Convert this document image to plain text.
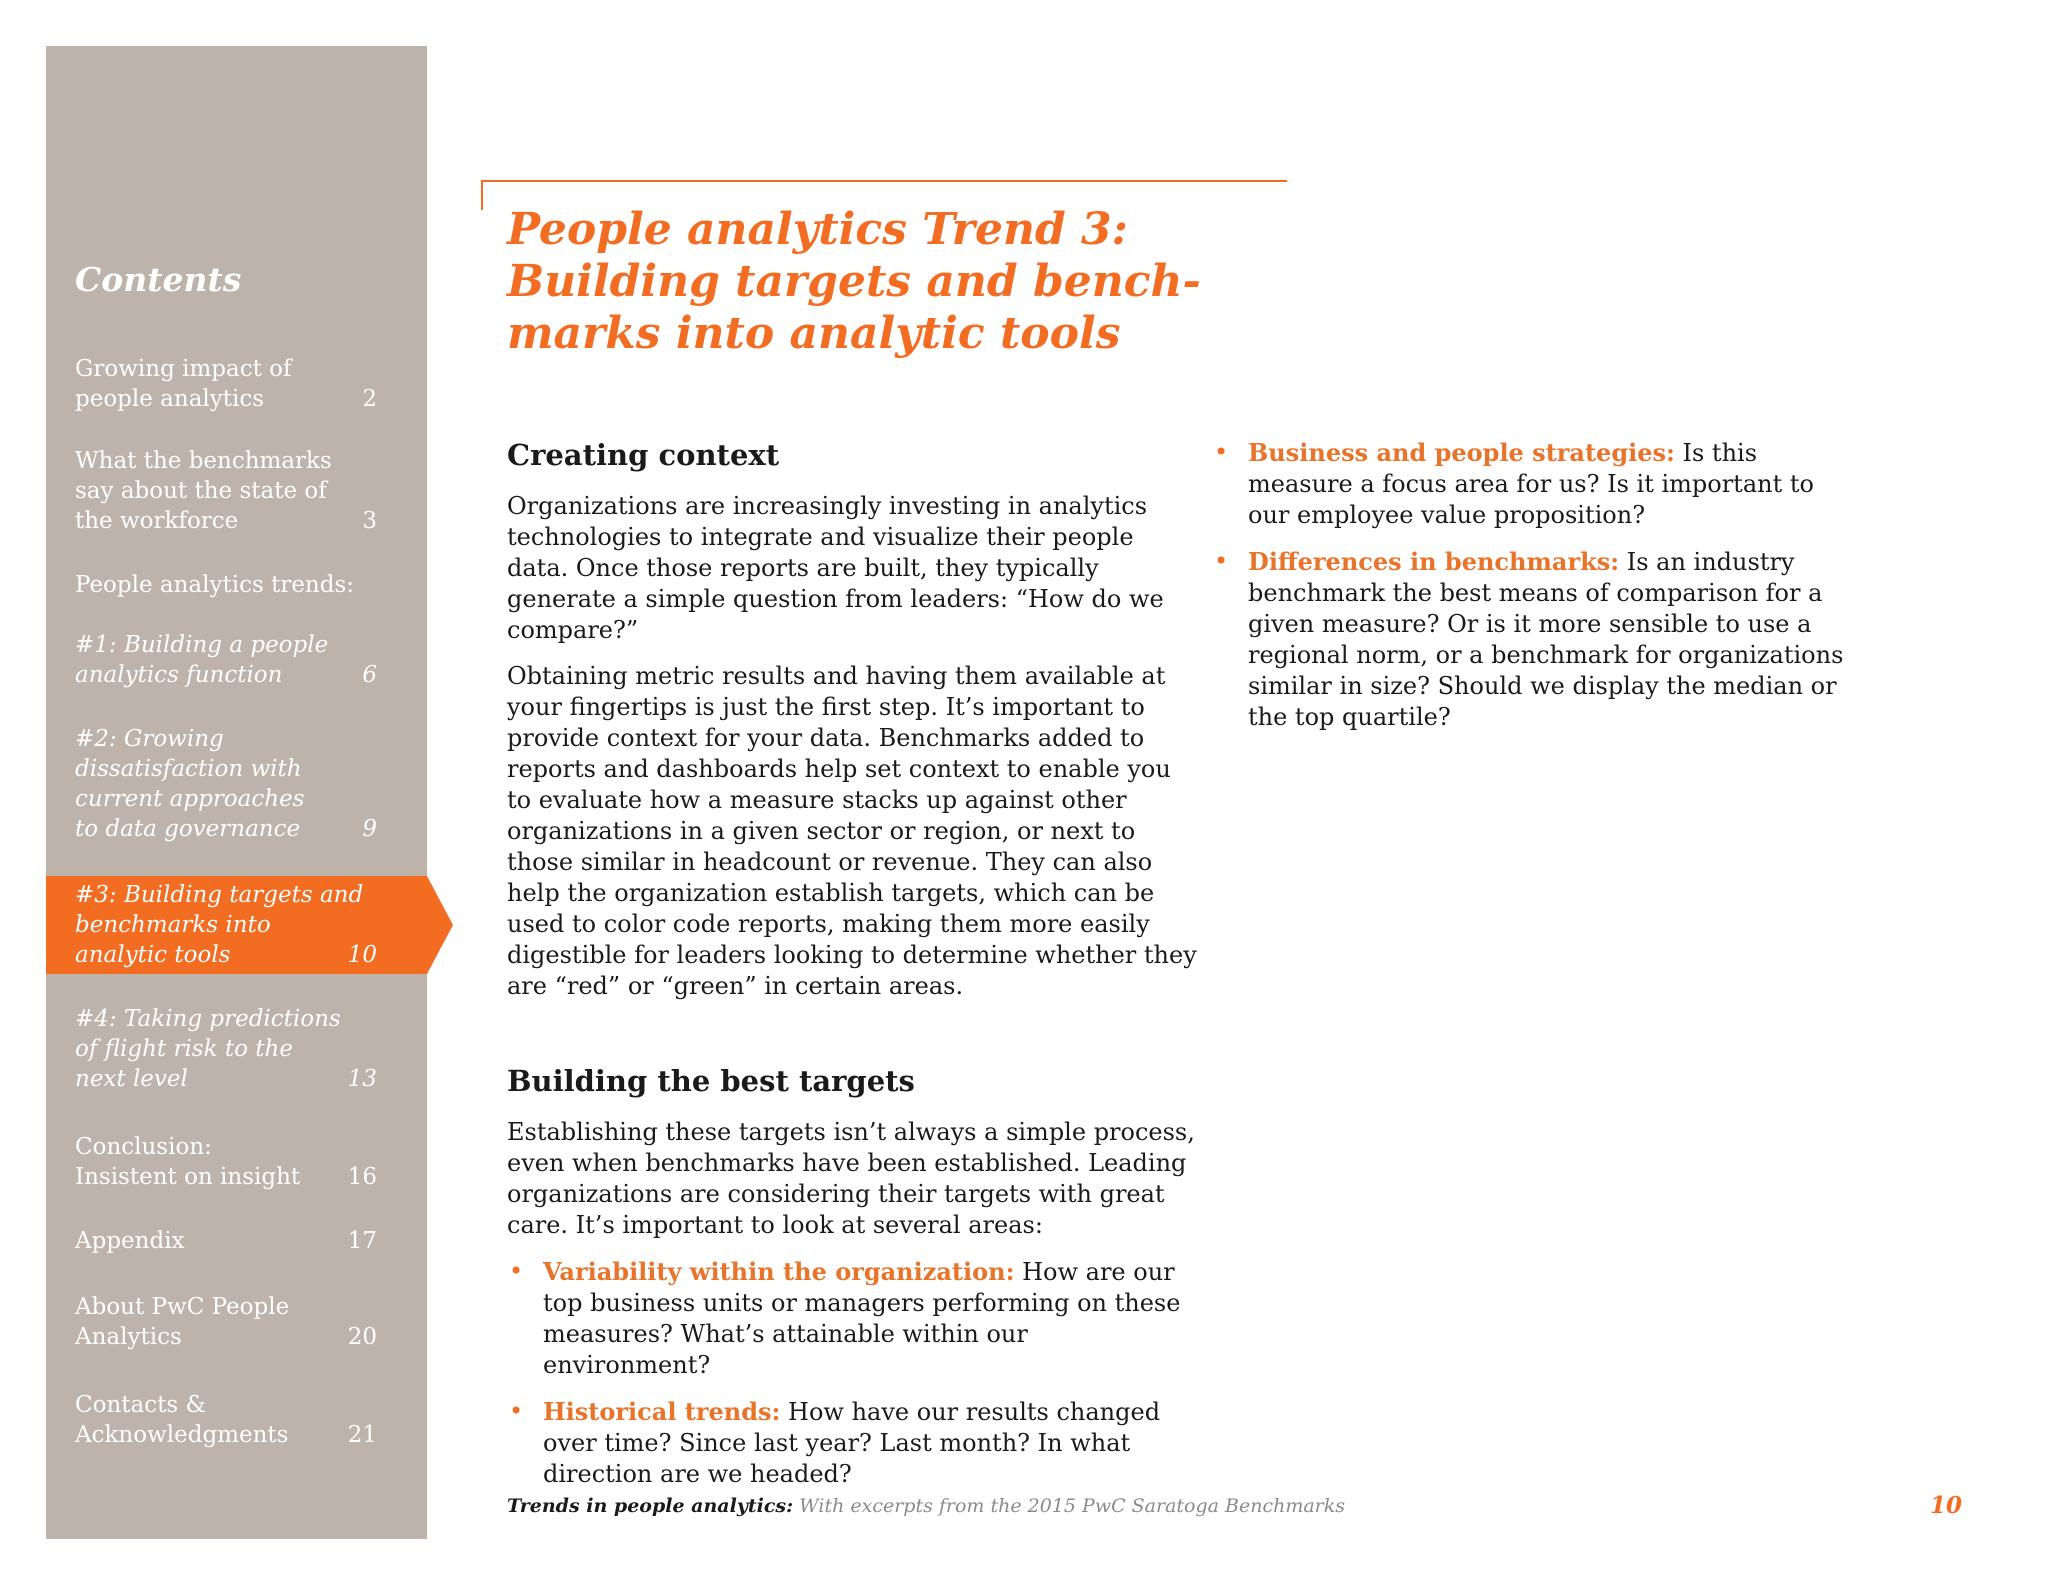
Contents
Growing impact of
people analytics	2
What the benchmarks
say about the state of
the workforce	3
People analytics trends:
#1: Building a people
analytics function	6
#2: Growing
dissatisfaction with
current approaches
to data governance	9
#3: Building targets and
benchmarks into
analytic tools	10
#4: Taking predictions
of flight risk to the
next level	13
Conclusion:
Insistent on insight	16
Appendix	17
About PwC People
Analytics	20
Contacts &
Acknowledgments	21
People analytics Trend 3:
Building targets and bench-
marks into analytic tools
Creating context

Organizations are increasingly investing in analytics technologies to integrate and visualize their people data. Once those reports are built, they typically generate a simple question from leaders: “How do we compare?”

Obtaining metric results and having them available at your fingertips is just the first step. It’s important to provide context for your data. Benchmarks added to reports and dashboards help set context to enable you to evaluate how a measure stacks up against other organizations in a given sector or region, or next to those similar in headcount or revenue. They can also help the organization establish targets, which can be used to color code reports, making them more easily digestible for leaders looking to determine whether they are “red” or “green” in certain areas.

Building the best targets

Establishing these targets isn’t always a simple process, even when benchmarks have been established. Leading organizations are considering their targets with great care. It’s important to look at several areas:

• Variability within the organization: How are our top business units or managers performing on these measures? What’s attainable within our environment?
• Historical trends: How have our results changed over time? Since last year? Last month? In what direction are we headed?
• Business and people strategies: Is this measure a focus area for us? Is it important to our employee value proposition?
• Differences in benchmarks: Is an industry benchmark the best means of comparison for a given measure? Or is it more sensible to use a regional norm, or a benchmark for organizations similar in size? Should we display the median or the top quartile?
Trends in people analytics: With excerpts from the 2015 PwC Saratoga Benchmarks	10
